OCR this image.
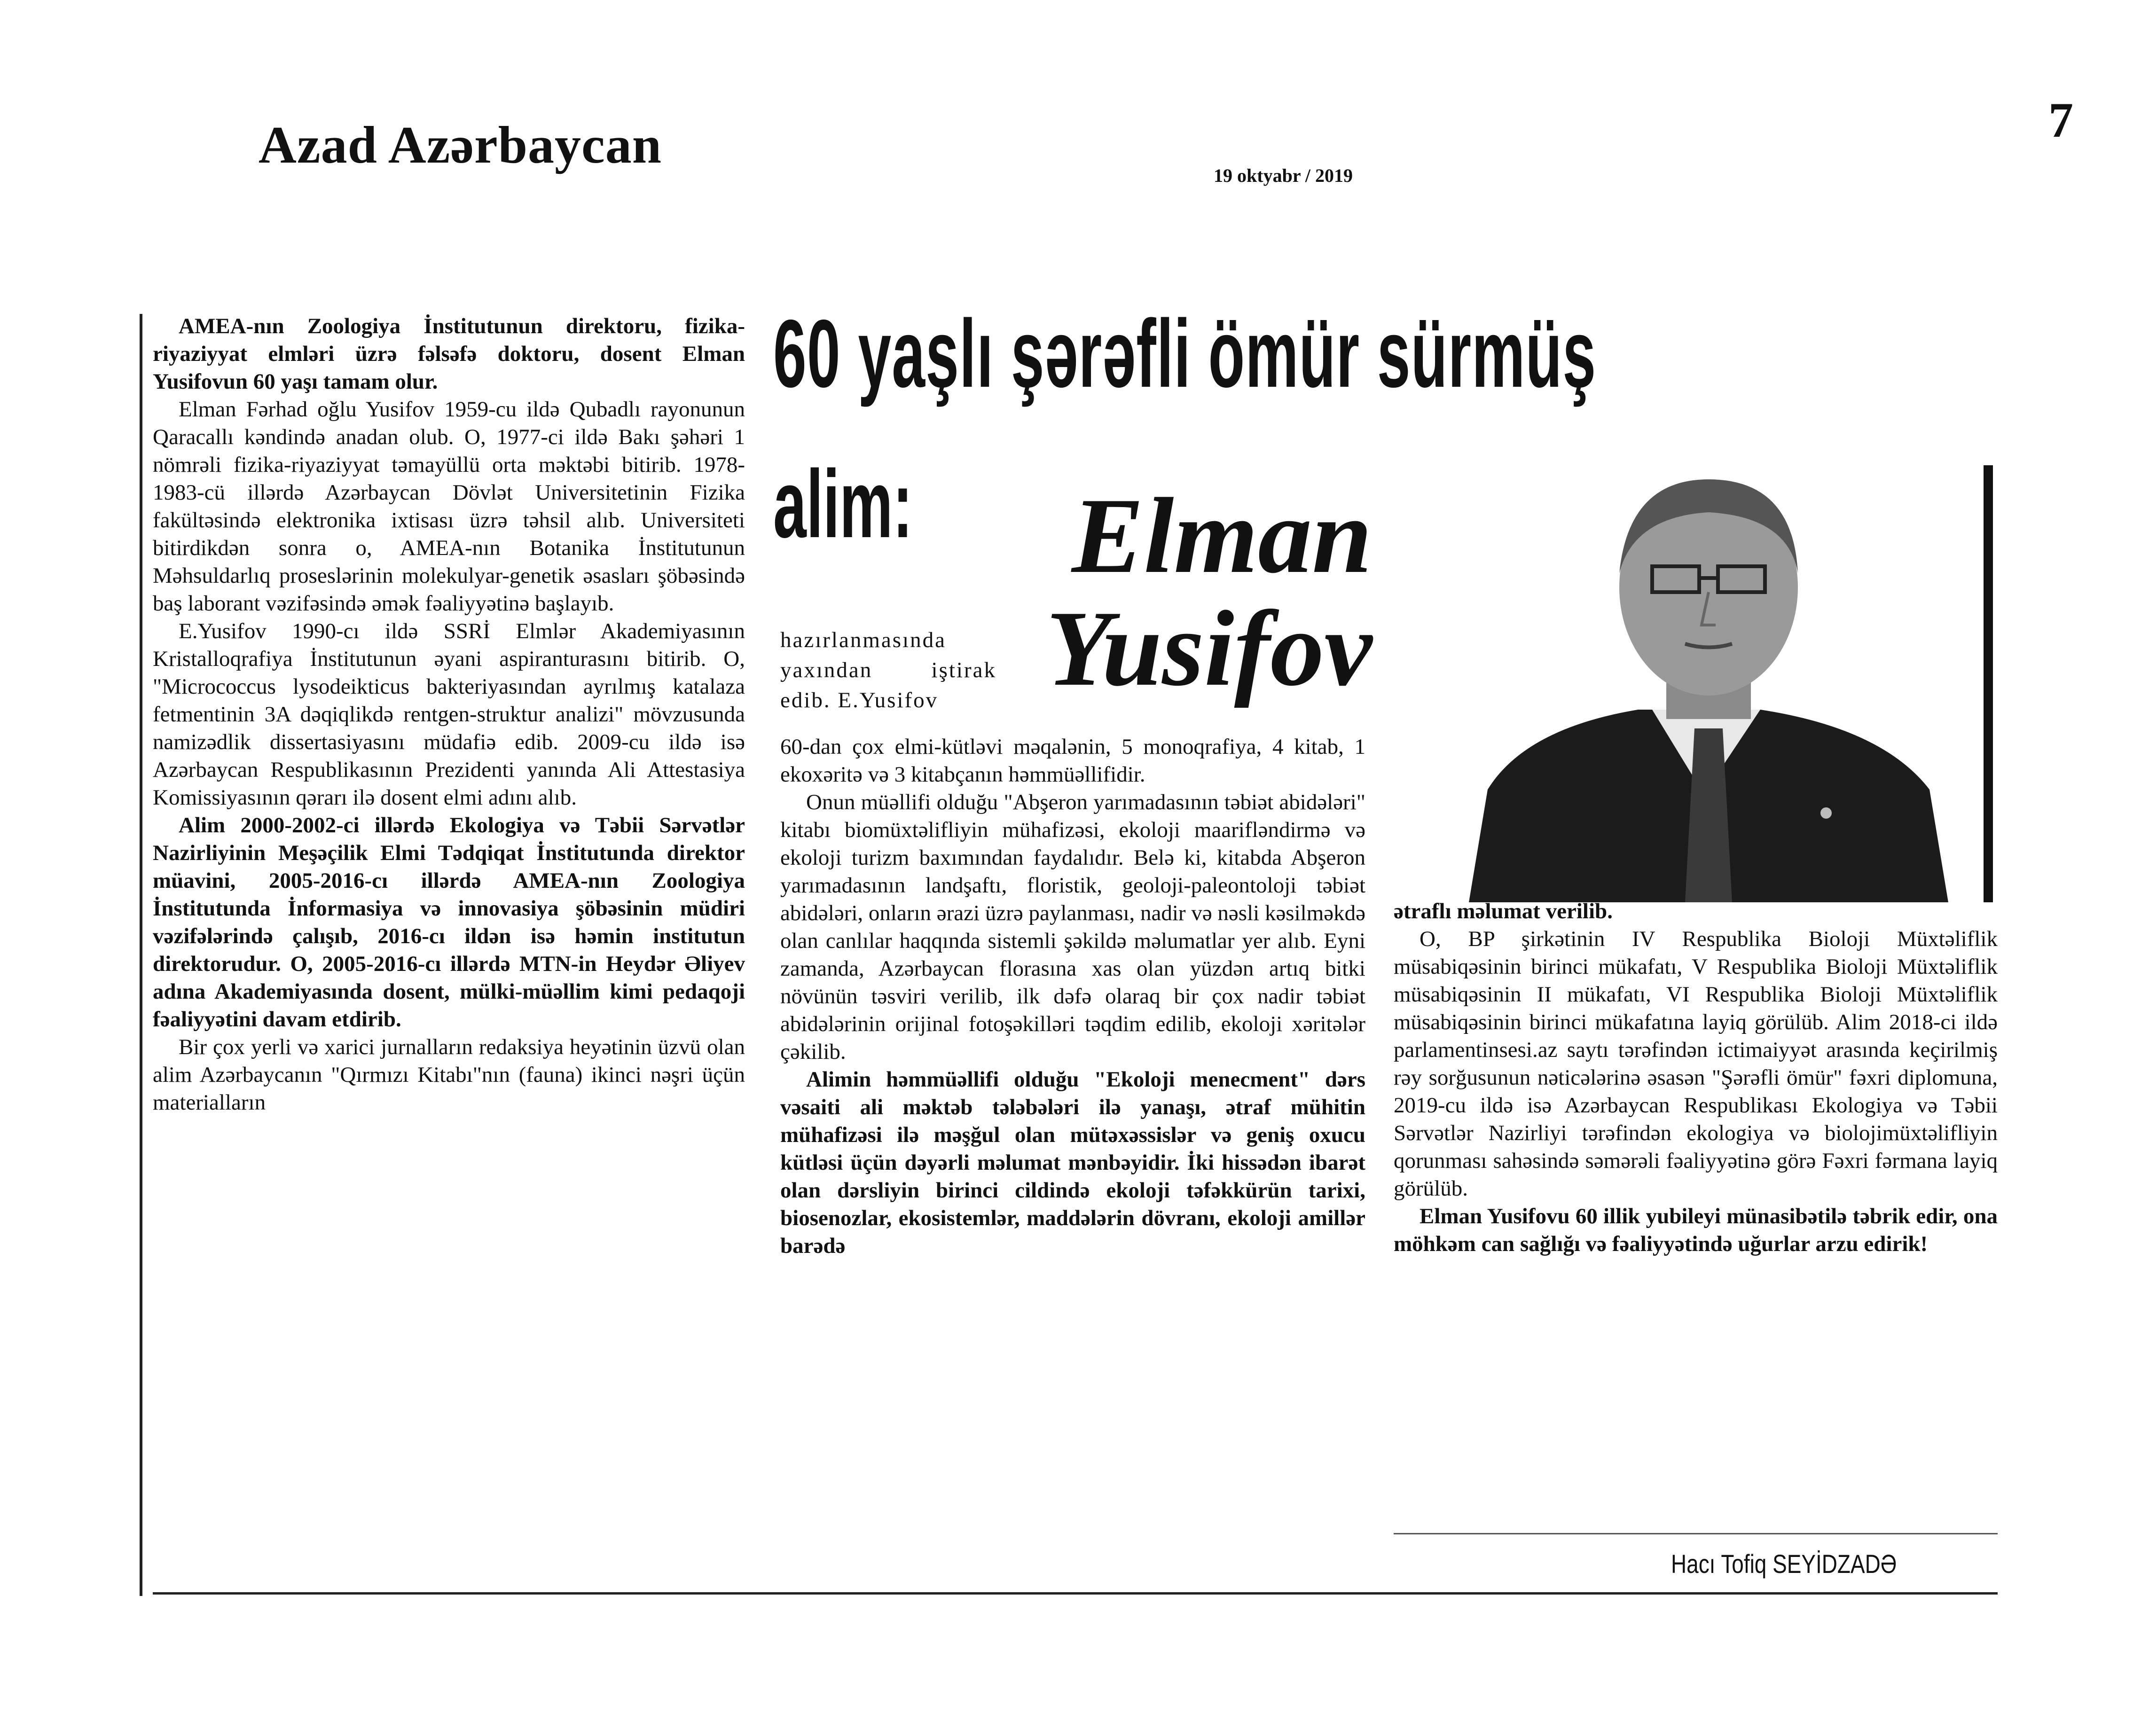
Azad Azərbaycan
19 oktyabr / 2019
7
60 yaşlı şərəfli ömür sürmüş
alim: Elman
Yusifov

AMEA-nın Zoologiya İnstitutunun direktoru, fizika-riyaziyyat elmləri üzrə fəlsəfə doktoru, dosent Elman Yusifovun 60 yaşı tamam olur.

Elman Fərhad oğlu Yusifov 1959-cu ildə Qubadlı rayonunun Qaracallı kəndində anadan olub. O, 1977-ci ildə Bakı şəhəri 1 nömrəli fizika-riyaziyyat təmayüllü orta məktəbi bitirib. 1978-1983-cü illərdə Azərbaycan Dövlət Universitetinin Fizika fakültəsində elektronika ixtisası üzrə təhsil alıb. Universiteti bitirdikdən sonra o, AMEA-nın Botanika İnstitutunun Məhsuldarlıq proseslərinin molekulyar-genetik əsasları şöbəsində baş laborant vəzifəsində əmək fəaliyyətinə başlayıb.

E.Yusifov 1990-cı ildə SSRİ Elmlər Akademiyasının Kristalloqrafiya İnstitutunun əyani aspiranturasını bitirib. O, "Micrococcus lysodeikticus bakteriyasından ayrılmış katalaza fetmentinin 3A dəqiqlikdə rentgen-struktur analizi" mövzusunda namizədlik dissertasiyasını müdafiə edib. 2009-cu ildə isə Azərbaycan Respublikasının Prezidenti yanında Ali Attestasiya Komissiyasının qərarı ilə dosent elmi adını alıb.

Alim 2000-2002-ci illərdə Ekologiya və Təbii Sərvətlər Nazirliyinin Meşəçilik Elmi Tədqiqat İnstitutunda direktor müavini, 2005-2016-cı illərdə AMEA-nın Zoologiya İnstitutunda İnformasiya və innovasiya şöbəsinin müdiri vəzifələrində çalışıb, 2016-cı ildən isə həmin institutun direktorudur. O, 2005-2016-cı illərdə MTN-in Heydər Əliyev adına Akademiyasında dosent, mülki-müəllim kimi pedaqoji fəaliyyətini davam etdirib.

Bir çox yerli və xarici jurnalların redaksiya heyətinin üzvü olan alim Azərbaycanın "Qırmızı Kitabı"nın (fauna) ikinci nəşri üçün materialların

hazırlanmasında yaxından iştirak edib. E.Yusifov

60-dan çox elmi-kütləvi məqalənin, 5 monoqrafiya, 4 kitab, 1 ekoxəritə və 3 kitabçanın həmmüəllifidir.

Onun müəllifi olduğu "Abşeron yarımadasının təbiət abidələri" kitabı biomüxtəlifliyin mühafizəsi, ekoloji maarifləndirmə və ekoloji turizm baxımından faydalıdır. Belə ki, kitabda Abşeron yarımadasının landşaftı, floristik, geoloji-paleontoloji təbiət abidələri, onların ərazi üzrə paylanması, nadir və nəsli kəsilməkdə olan canlılar haqqında sistemli şəkildə məlumatlar yer alıb. Eyni zamanda, Azərbaycan florasına xas olan yüzdən artıq bitki növünün təsviri verilib, ilk dəfə olaraq bir çox nadir təbiət abidələrinin orijinal fotoşəkilləri təqdim edilib, ekoloji xəritələr çəkilib.

Alimin həmmüəllifi olduğu "Ekoloji menecment" dərs vəsaiti ali məktəb tələbələri ilə yanaşı, ətraf mühitin mühafizəsi ilə məşğul olan mütəxəssislər və geniş oxucu kütləsi üçün dəyərli məlumat mənbəyidir. İki hissədən ibarət olan dərsliyin birinci cildində ekoloji təfəkkürün tarixi, biosenozlar, ekosistemlər, maddələrin dövranı, ekoloji amillər barədə

ətraflı məlumat verilib.

O, BP şirkətinin IV Respublika Bioloji Müxtəliflik müsabiqəsinin birinci mükafatı, V Respublika Bioloji Müxtəliflik müsabiqəsinin II mükafatı, VI Respublika Bioloji Müxtəliflik müsabiqəsinin birinci mükafatına layiq görülüb. Alim 2018-ci ildə parlamentinsesi.az saytı tərəfindən ictimaiyyət arasında keçirilmiş rəy sorğusunun nəticələrinə əsasən "Şərəfli ömür" fəxri diplomuna, 2019-cu ildə isə Azərbaycan Respublikası Ekologiya və Təbii Sərvətlər Nazirliyi tərəfindən ekologiya və biolojimüxtəlifliyin qorunması sahəsində səmərəli fəaliyyətinə görə Fəxri fərmana layiq görülüb.

Elman Yusifovu 60 illik yubileyi münasibətilə təbrik edir, ona möhkəm can sağlığı və fəaliyyətində uğurlar arzu edirik!

Hacı Tofiq SEYİDZADƏ
